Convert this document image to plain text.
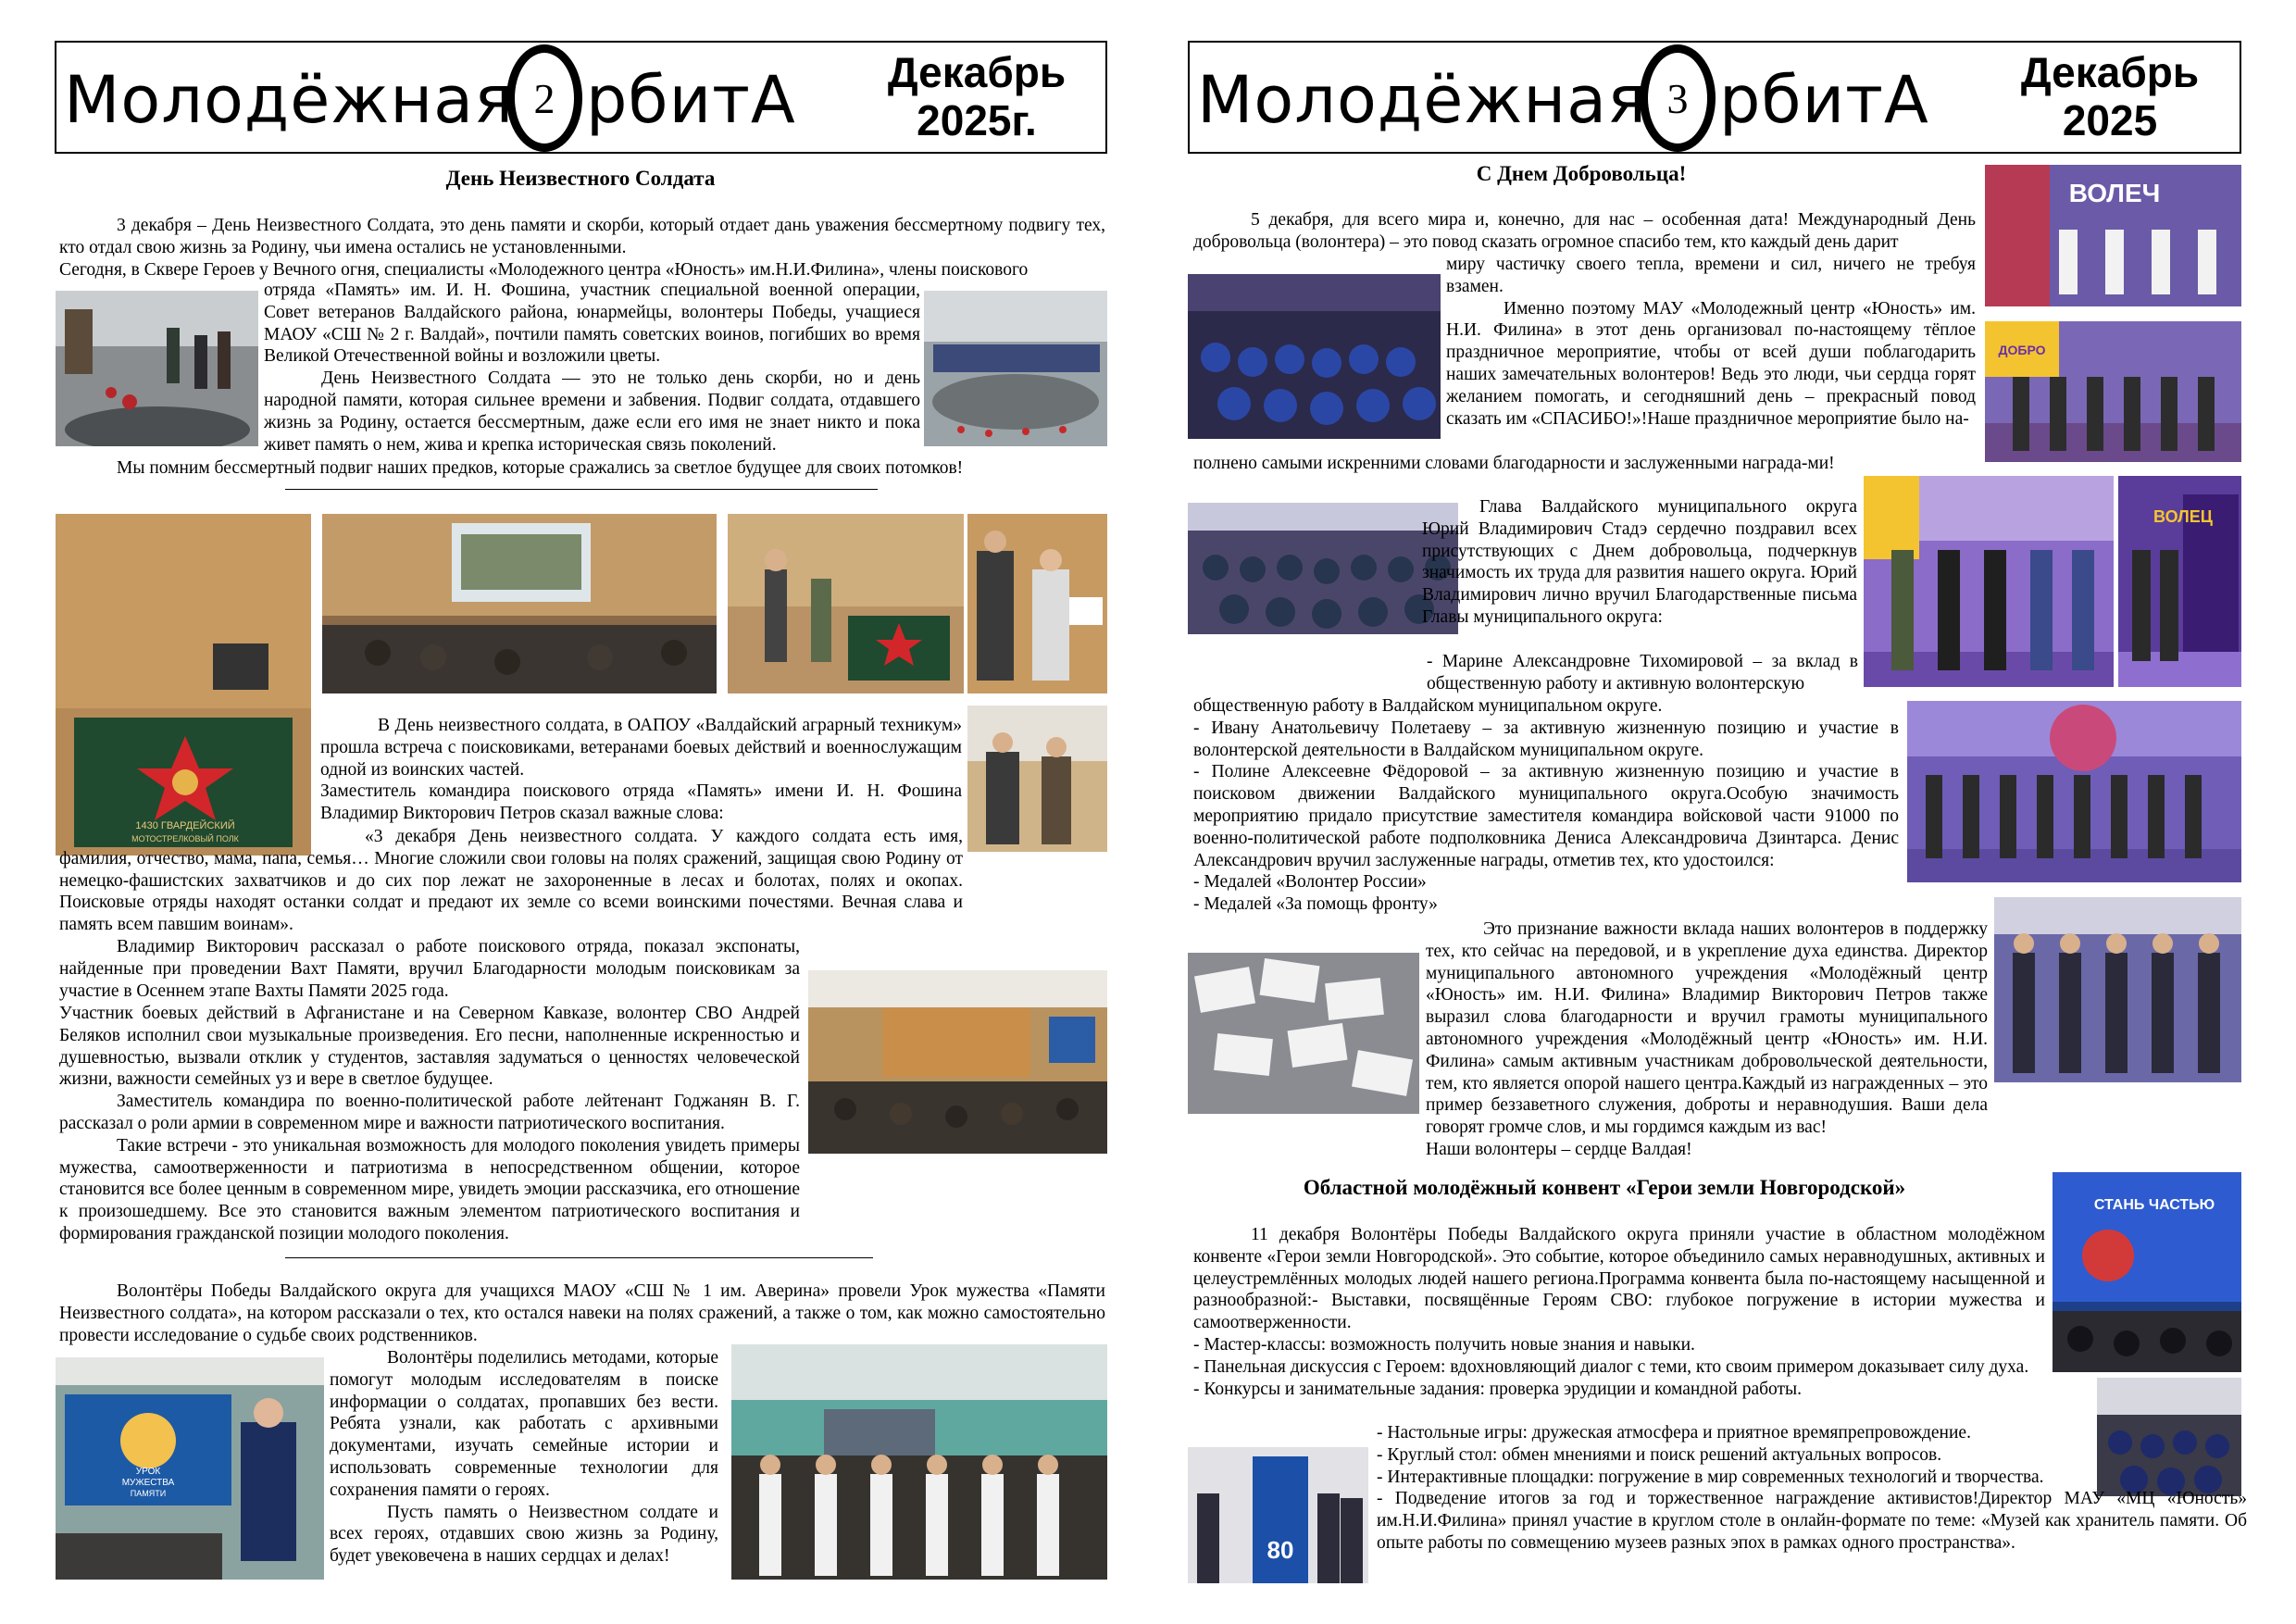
Молодёжная 2 рбитА	Декабрь
2025г.
День Неизвестного Солдата

3 декабря – День Неизвестного Солдата, это день памяти и скорби, который отдает дань уважения бессмертному подвигу тех, кто отдал свою жизнь за Родину, чьи имена остались не установленными.

Сегодня, в Сквере Героев у Вечного огня, специалисты «Молодежного центра «Юность» им.Н.И.Филина», члены поискового

отряда «Память» им. И. Н. Фошина, участник специальной военной операции, Совет ветеранов Валдайского района, юнармейцы, волонтеры Победы, учащиеся МАОУ «СШ № 2 г. Валдай», почтили память советских воинов, погибших во время Великой Отечественной войны и возложили цветы.

День Неизвестного Солдата — это не только день скорби, но и день народной памяти, которая сильнее времени и забвения. Подвиг солдата, отдавшего жизнь за Родину, остается бессмертным, даже если его имя не знает никто и пока живет память о нем, жива и крепка историческая связь поколений.

Мы помним бессмертный подвиг наших предков, которые сражались за светлое будущее для своих потомков!

1430 ГВАРДЕЙСКИЙ
МОТОСТРЕЛКОВЫЙ ПОЛК

В День неизвестного солдата, в ОАПОУ «Валдайский аграрный техникум» прошла встреча с поисковиками, ветеранами боевых действий и военнослужащим одной из воинских частей.

Заместитель командира поискового отряда «Память» имени И. Н. Фошина Владимир Викторович Петров сказал важные слова:

«3 декабря День неизвестного солдата. У каждого солдата есть имя, фамилия, отчество, мама, папа, семья… Многие сложили свои головы на полях сражений, защищая свою Родину от немецко-фашистских захватчиков и до сих пор лежат не захороненные в лесах и болотах, полях и окопах. Поисковые отряды находят останки солдат и предают их земле со всеми воинскими почестями. Вечная слава и память всем павшим воинам».

Владимир Викторович рассказал о работе поискового отряда, показал экспонаты, найденные при проведении Вахт Памяти, вручил Благодарности молодым поисковикам за участие в Осеннем этапе Вахты Памяти 2025 года.

Участник боевых действий в Афганистане и на Северном Кавказе, волонтер СВО Андрей Беляков исполнил свои музыкальные произведения. Его песни, наполненные искренностью и душевностью, вызвали отклик у студентов, заставляя задуматься о ценностях человеческой жизни, важности семейных уз и вере в светлое будущее.

Заместитель командира по военно-политической работе лейтенант Годжанян В. Г. рассказал о роли армии в современном мире и важности патриотического воспитания.

Такие встречи - это уникальная возможность для молодого поколения увидеть примеры мужества, самоотверженности и патриотизма в непосредственном общении, которое становится все более ценным в современном мире, увидеть эмоции рассказчика, его отношение к произошедшему. Все это становится важным элементом патриотического воспитания и формирования гражданской позиции молодого поколения.

Волонтёры Победы Валдайского округа для учащихся МАОУ «СШ № 1 им. Аверина» провели Урок мужества «Памяти Неизвестного солдата», на котором рассказали о тех, кто остался навеки на полях сражений, а также о том, как можно самостоятельно провести исследование о судьбе своих родственников.

УРОК
МУЖЕСТВА
ПАМЯТИ

Волонтёры поделились методами, которые помогут молодым исследователям в поиске информации о солдатах, пропавших без вести. Ребята узнали, как работать с архивными документами, изучать семейные истории и использовать современные технологии для сохранения памяти о героях.

Пусть память о Неизвестном солдате и всех героях, отдавших свою жизнь за Родину, будет увековечена в наших сердцах и делах!

Молодёжная 3 рбитА	Декабрь
2025
ВОЛЕЧ
ДОБРО
ВОЛЕЦ
80
СТАНЬ ЧАСТЬЮ
С Днем Добровольца!

5 декабря, для всего мира и, конечно, для нас – особенная дата! Международный День добровольца (волонтера) – это повод сказать огромное спасибо тем, кто каждый день дарит

миру частичку своего тепла, времени и сил, ничего не требуя взамен.

Именно поэтому МАУ «Молодежный центр «Юность» им. Н.И. Филина» в этот день организовал по-настоящему тёплое праздничное мероприятие, чтобы от всей души поблагодарить наших замечательных волонтеров! Ведь это люди, чьи сердца горят желанием помогать, и сегодняшний день – прекрасный повод сказать им «СПАСИБО!»!Наше праздничное мероприятие было на-

полнено самыми искренними словами благодарности и заслуженными награда-ми!

Глава Валдайского муниципального округа Юрий Владимирович Стадэ сердечно поздравил всех присутствующих с Днем добровольца, подчеркнув значимость их труда для развития нашего округа. Юрий Владимирович лично вручил Благодарственные письма Главы муниципального округа:

- Марине Александровне Тихомировой – за вклад в общественную работу и активную волонтерскую

общественную работу в Валдайском муниципальном округе.

- Ивану Анатольевичу Полетаеву – за активную жизненную позицию и участие в волонтерской деятельности в Валдайском муниципальном округе.

- Полине Алексеевне Фёдоровой – за активную жизненную позицию и участие в поисковом движении Валдайского муниципального округа.Особую значимость мероприятию придало присутствие заместителя командира войсковой части 91000 по военно-политической работе подполковника Дениса Александровича Дзинтарса. Денис Александрович вручил заслуженные награды, отметив тех, кто удостоился:

- Медалей «Волонтер России»

- Медалей «За помощь фронту»

Это признание важности вклада наших волонтеров в поддержку тех, кто сейчас на передовой, и в укрепление духа единства. Директор муниципального автономного учреждения «Молодёжный центр «Юность» им. Н.И. Филина» Владимир Викторович Петров также выразил слова благодарности и вручил грамоты муниципального автономного учреждения «Молодёжный центр «Юность» им. Н.И. Филина» самым активным участникам добровольческой деятельности, тем, кто является опорой нашего центра.Каждый из награжденных – это пример беззаветного служения, доброты и неравнодушия. Ваши дела говорят громче слов, и мы гордимся каждым из вас!

Наши волонтеры – сердце Валдая!

Областной молодёжный конвент «Герои земли Новгородской»

11 декабря Волонтёры Победы Валдайского округа приняли участие в областном молодёжном конвенте «Герои земли Новгородской». Это событие, которое объединило самых неравнодушных, активных и целеустремлённых молодых людей нашего региона.Программа конвента была по-настоящему насыщенной и разнообразной:- Выставки, посвящённые Героям СВО: глубокое погружение в истории мужества и самоотверженности.

- Мастер-классы: возможность получить новые знания и навыки.

- Панельная дискуссия с Героем: вдохновляющий диалог с теми, кто своим примером доказывает силу духа.

- Конкурсы и занимательные задания: проверка эрудиции и командной работы.

- Настольные игры: дружеская атмосфера и приятное времяпрепровождение.

- Круглый стол: обмен мнениями и поиск решений актуальных вопросов.

- Интерактивные площадки: погружение в мир современных технологий и творчества.

- Подведение итогов за год и торжественное награждение активистов!Директор МАУ «МЦ «Юность» им.Н.И.Филина» принял участие в круглом столе в онлайн-формате по теме: «Музей как хранитель памяти. Об опыте работы по совмещению музеев разных эпох в рамках одного пространства».
